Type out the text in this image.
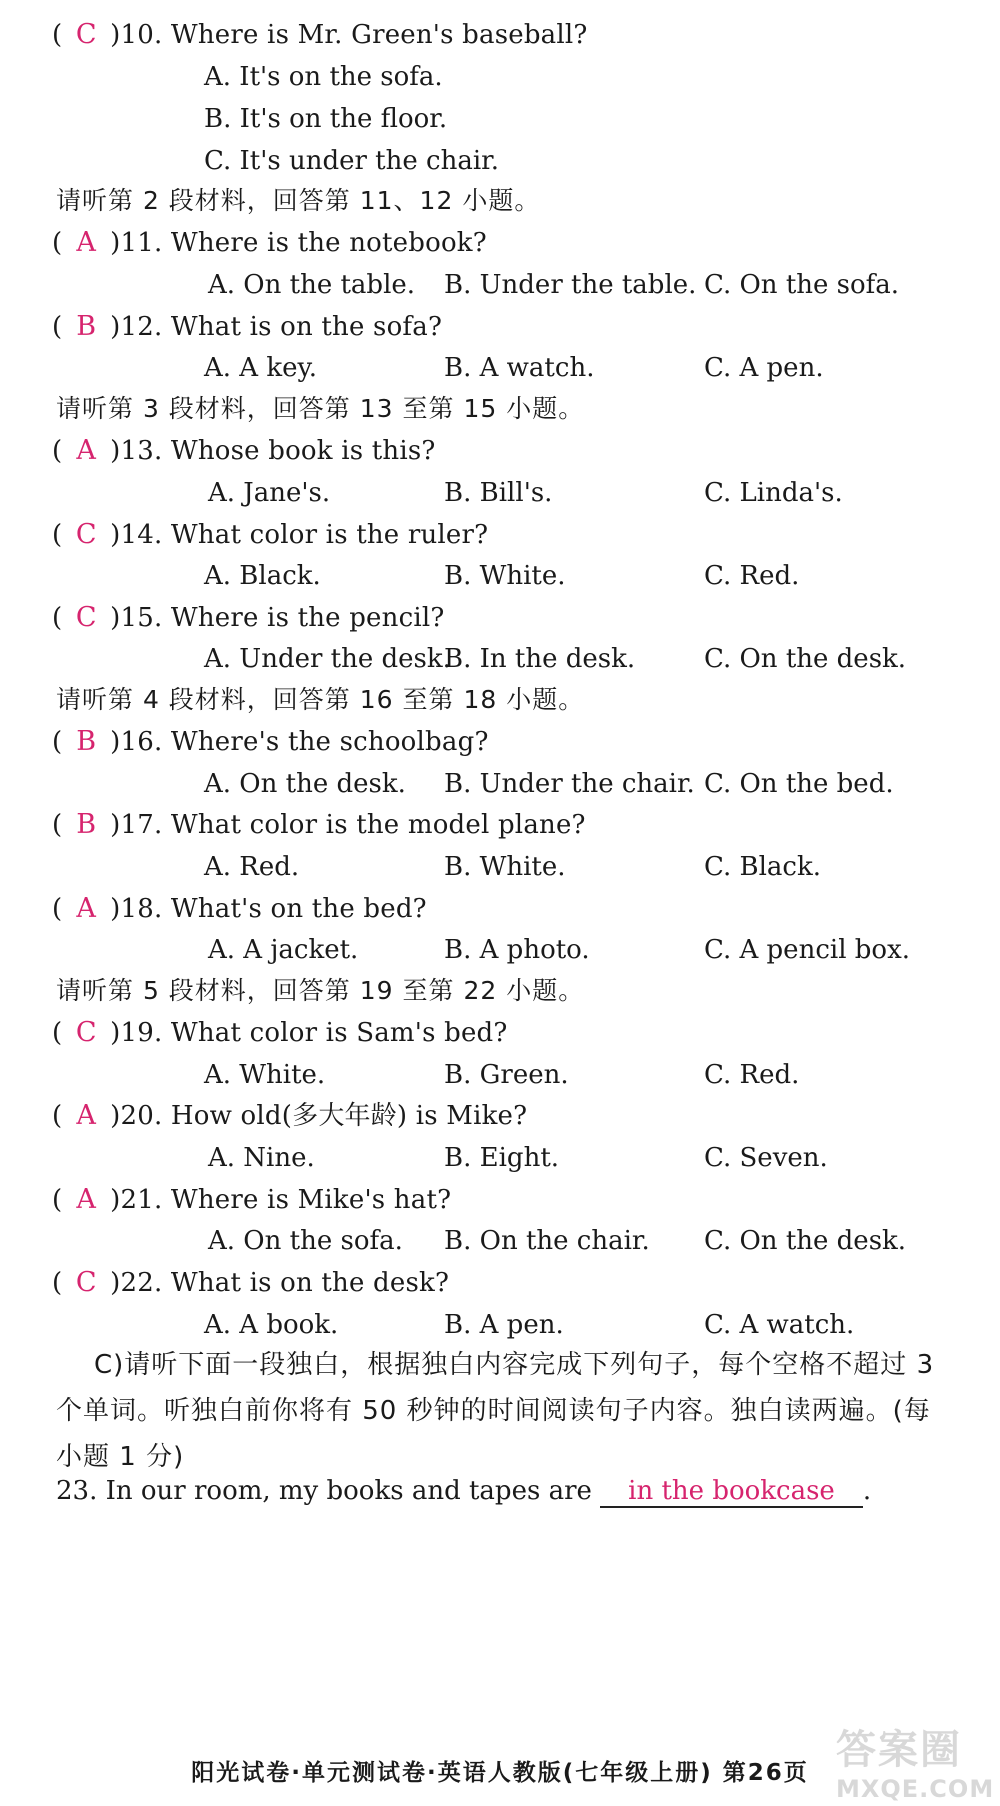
( C )10. Where is Mr. Green's baseball?
A. It's on the sofa.
B. It's on the floor.
C. It's under the chair.
请听第 2 段材料，回答第 11、12 小题。
( A )11. Where is the notebook?
A. On the table. B. Under the table. C. On the sofa.
( B )12. What is on the sofa?
A. A key.	B. A watch.	C. A pen.
请听第 3 段材料，回答第 13 至第 15 小题。
( A )13. Whose book is this?
A. Jane's.	B. Bill's.	C. Linda's.
( C )14. What color is the ruler?
A. Black.	B. White.	C. Red.
( C )15. Where is the pencil?
A. Under the desk.
B. In the desk.	C. On the desk.
请听第 4 段材料，回答第 16 至第 18 小题。
( B )16. Where's the schoolbag?
A. On the desk. B. Under the chair. C. On the bed.
( B )17. What color is the model plane?
A. Red.	B. White.	C. Black.
( A )18. What's on the bed?
A. A jacket.	B. A photo.	C. A pencil box.
请听第 5 段材料，回答第 19 至第 22 小题。
( C )19. What color is Sam's bed?
A. White.	B. Green.	C. Red.
( A )20. How old(多大年龄) is Mike?
A. Nine.	B. Eight.	C. Seven.
( A )21. Where is Mike's hat?
A. On the sofa. B. On the chair. C. On the desk.
( C )22. What is on the desk?
A. A book.	B. A pen.	C. A watch.
C)请听下面一段独白，根据独白内容完成下列句子，每个空格不超过 3 个单词。听独白前你将有 50 秒钟的时间阅读句子内容。独白读两遍。(每小题 1 分)
23. In our room, my books and tapes are in the bookcase .
阳光试卷·单元测试卷·英语人教版(七年级上册) 第26页 答案圈
MXQE.COM
